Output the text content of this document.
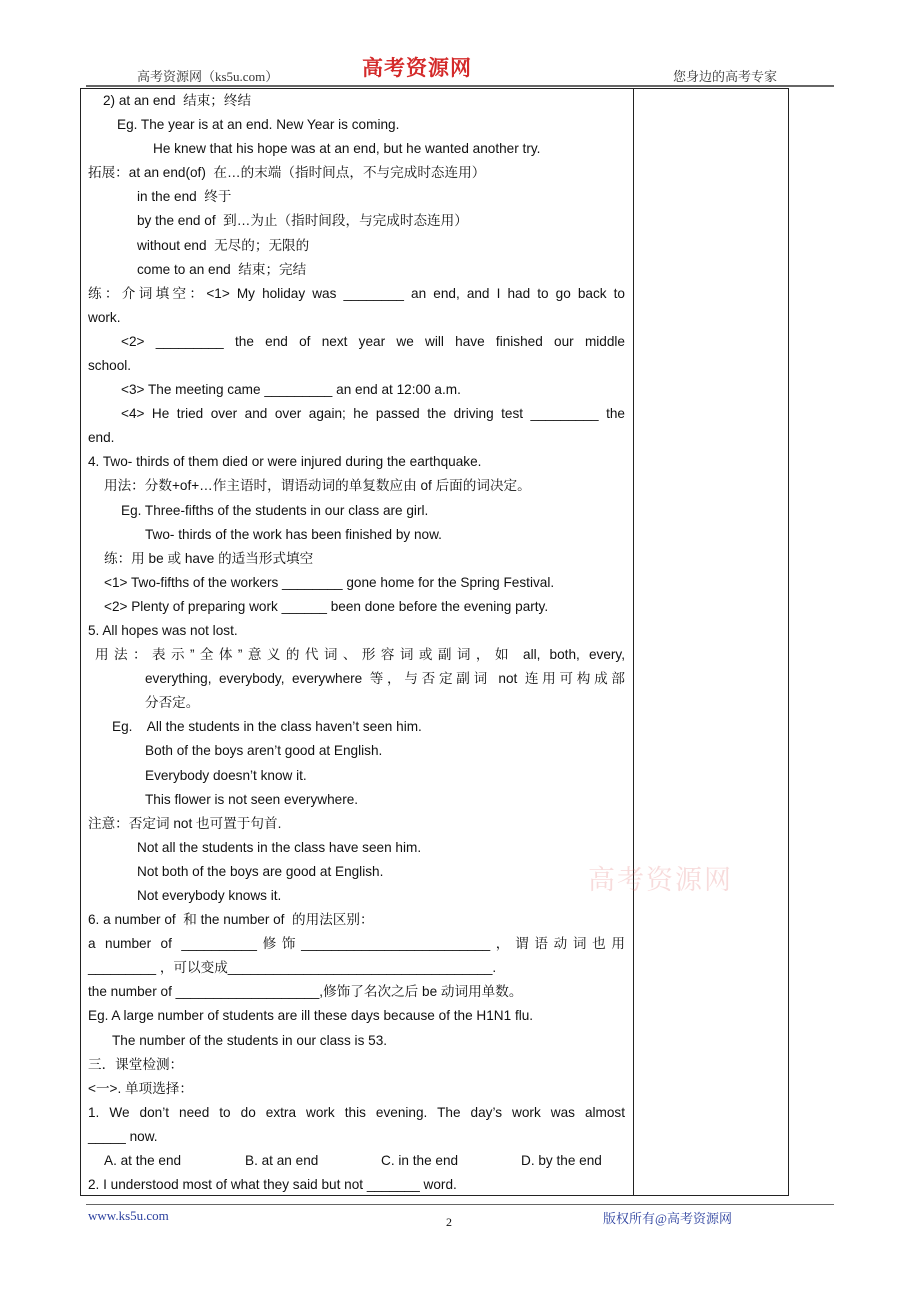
高考资源网（ks5u.com）	高考资源网	您身边的高考专家
高考资源网
2) at an end  结束；终结
Eg. The year is at an end. New Year is coming.
He knew that his hope was at an end, but he wanted another try.
拓展：at an end(of)  在…的末端（指时间点，不与完成时态连用）
in the end  终于
by the end of  到…为止（指时间段，与完成时态连用）
without end  无尽的；无限的
come to an end  结束；完结
练：介词填空：<1> My holiday was ________ an end, and I had to go back to
work.
<2> _________ the end of next year we will have finished our middle
school.
<3> The meeting came _________ an end at 12:00 a.m.
<4> He tried over and over again; he passed the driving test _________ the
end.
4. Two- thirds of them died or were injured during the earthquake.
用法：分数+of+…作主语时，谓语动词的单复数应由 of 后面的词决定。
Eg. Three-fifths of the students in our class are girl.
Two- thirds of the work has been finished by now.
练：用 be 或 have 的适当形式填空
<1> Two-fifths of the workers ________ gone home for the Spring Festival.
<2> Plenty of preparing work ______ been done before the evening party.
5. All hopes was not lost.
用法：表示”全体”意义的代词、形容词或副词，如 all, both, every,
everything, everybody, everywhere 等，与否定副词 not 连用可构成部
分否定。
Eg.    All the students in the class haven’t seen him.
Both of the boys aren’t good at English.
Everybody doesn’t know it.
This flower is not seen everywhere.
注意：否定词 not 也可置于句首.
Not all the students in the class have seen him.
Not both of the boys are good at English.
Not everybody knows it.
6. a number of  和 the number of  的用法区别：
a number of __________修饰_________________________，谓语动词也用
_________ ，可以变成___________________________________.
the number of ___________________,修饰了名次之后 be 动词用单数。
Eg. A large number of students are ill these days because of the H1N1 flu.
The number of the students in our class is 53.
三．课堂检测：
<一>. 单项选择：
1. We don’t need to do extra work this evening. The day’s work was almost
_____ now.
2. I understood most of what they said but not _______ word.
A. at the end	B. at an end	C. in the end	D. by the end
www.ks5u.com	2	版权所有@高考资源网
